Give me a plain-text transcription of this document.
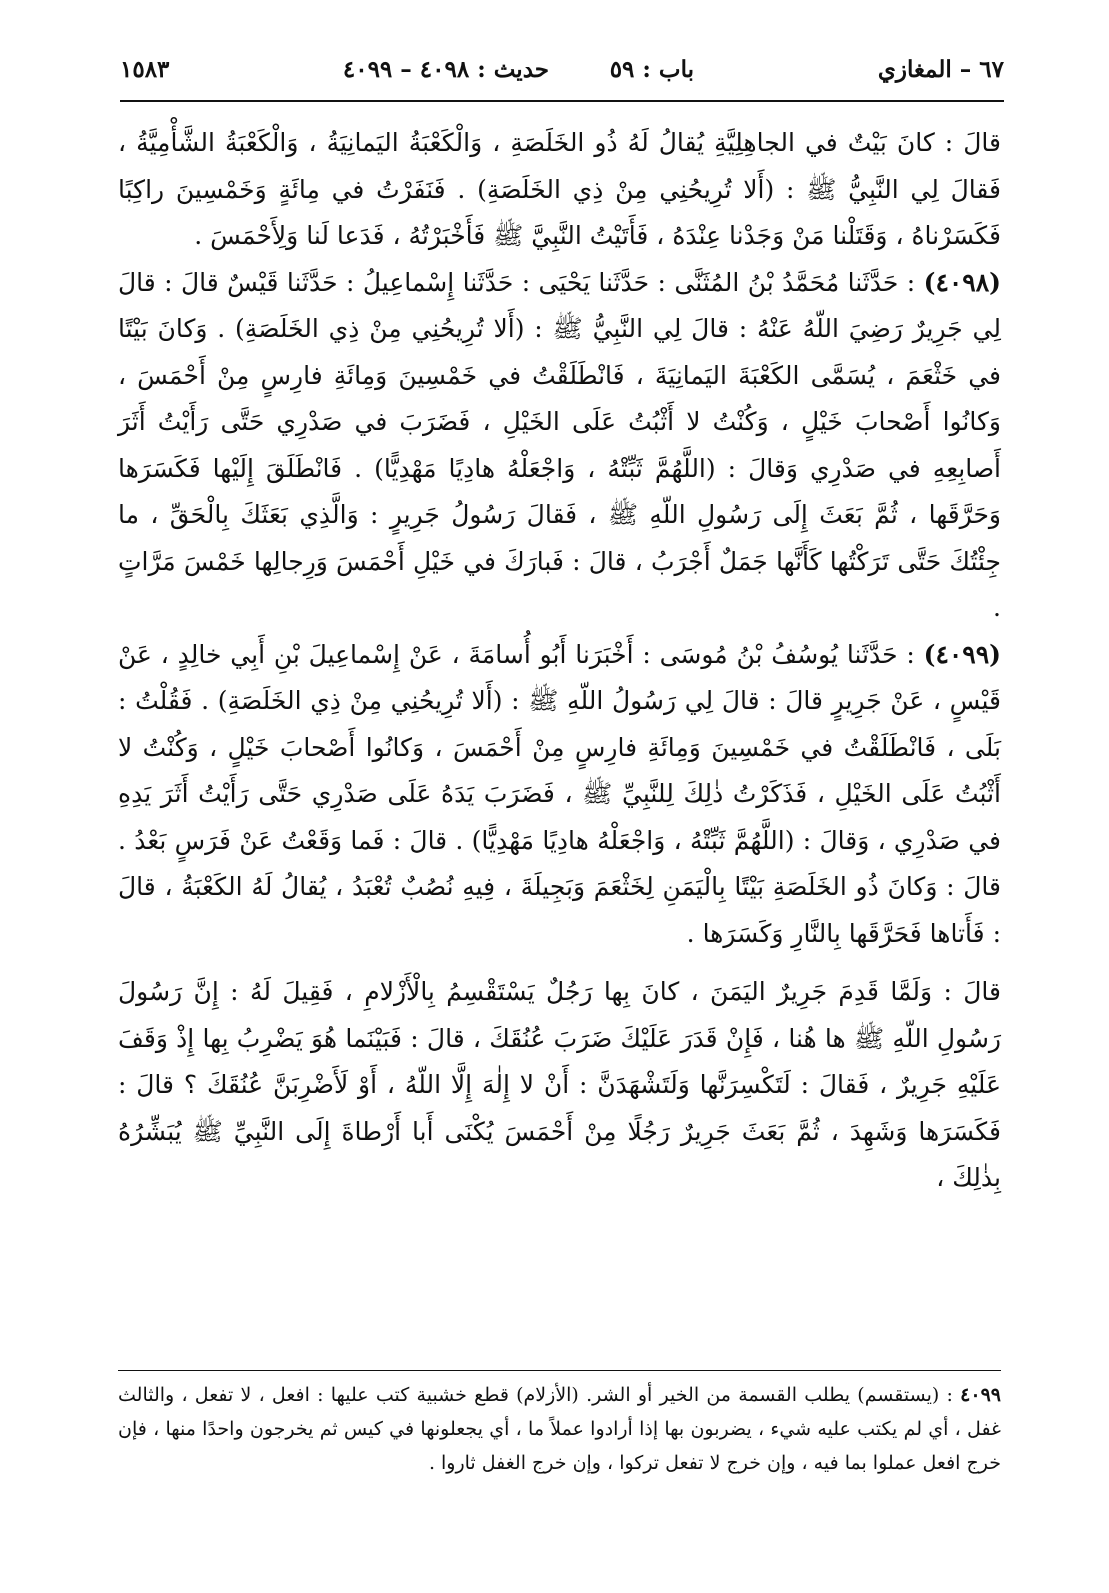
٦٧ – المغازي
باب : ٥٩
حديث : ٤٠٩٨ – ٤٠٩٩
١٥٨٣

قالَ : كانَ بَيْتٌ في الجاهِلِيَّةِ يُقالُ لَهُ ذُو الخَلَصَةِ ، وَالْكَعْبَةُ اليَمانِيَةُ ، وَالْكَعْبَةُ الشَّأْمِيَّةُ ، فَقالَ لِي النَّبِيُّ ﷺ : (أَلا تُرِيحُنِي مِنْ ذِي الخَلَصَةِ) . فَنَفَرْتُ في مِائَةٍ وَخَمْسِينَ راكِبًا فَكَسَرْناهُ ، وَقَتَلْنا مَنْ وَجَدْنا عِنْدَهُ ، فَأَتَيْتُ النَّبِيَّ ﷺ فَأَخْبَرْتُهُ ، فَدَعا لَنا وَلِأَحْمَسَ .

(٤٠٩٨) : حَدَّثَنا مُحَمَّدُ بْنُ المُثَنَّى : حَدَّثَنا يَحْيَى : حَدَّثَنا إِسْماعِيلُ : حَدَّثَنا قَيْسٌ قالَ : قالَ لِي جَرِيرٌ رَضِيَ اللّهُ عَنْهُ : قالَ لِي النَّبِيُّ ﷺ : (أَلا تُرِيحُنِي مِنْ ذِي الخَلَصَةِ) . وَكانَ بَيْتًا في خَثْعَمَ ، يُسَمَّى الكَعْبَةَ اليَمانِيَةَ ، فَانْطَلَقْتُ في خَمْسِينَ وَمِائَةِ فارِسٍ مِنْ أَحْمَسَ ، وَكانُوا أَصْحابَ خَيْلٍ ، وَكُنْتُ لا أَثْبُتُ عَلَى الخَيْلِ ، فَضَرَبَ في صَدْرِي حَتَّى رَأَيْتُ أَثَرَ أَصابِعِهِ في صَدْرِي وَقالَ : (اللَّهُمَّ ثَبِّتْهُ ، وَاجْعَلْهُ هادِيًا مَهْدِيًّا) . فَانْطَلَقَ إِلَيْها فَكَسَرَها وَحَرَّقَها ، ثُمَّ بَعَثَ إِلَى رَسُولِ اللّهِ ﷺ ، فَقالَ رَسُولُ جَرِيرٍ : وَالَّذِي بَعَثَكَ بِالْحَقِّ ، ما جِئْتُكَ حَتَّى تَرَكْتُها كَأَنَّها جَمَلٌ أَجْرَبُ ، قالَ : فَبارَكَ في خَيْلِ أَحْمَسَ وَرِجالِها خَمْسَ مَرَّاتٍ .

(٤٠٩٩) : حَدَّثَنا يُوسُفُ بْنُ مُوسَى : أَخْبَرَنا أَبُو أُسامَةَ ، عَنْ إِسْماعِيلَ بْنِ أَبِي خالِدٍ ، عَنْ قَيْسٍ ، عَنْ جَرِيرٍ قالَ : قالَ لِي رَسُولُ اللّهِ ﷺ : (أَلا تُرِيحُنِي مِنْ ذِي الخَلَصَةِ) . فَقُلْتُ : بَلَى ، فَانْطَلَقْتُ في خَمْسِينَ وَمِائَةِ فارِسٍ مِنْ أَحْمَسَ ، وَكانُوا أَصْحابَ خَيْلٍ ، وَكُنْتُ لا أَثْبُتُ عَلَى الخَيْلِ ، فَذَكَرْتُ ذٰلِكَ لِلنَّبِيِّ ﷺ ، فَضَرَبَ يَدَهُ عَلَى صَدْرِي حَتَّى رَأَيْتُ أَثَرَ يَدِهِ في صَدْرِي ، وَقالَ : (اللَّهُمَّ ثَبِّتْهُ ، وَاجْعَلْهُ هادِيًا مَهْدِيًّا) . قالَ : فَما وَقَعْتُ عَنْ فَرَسٍ بَعْدُ . قالَ : وَكانَ ذُو الخَلَصَةِ بَيْتًا بِالْيَمَنِ لِخَثْعَمَ وَبَجِيلَةَ ، فِيهِ نُصُبٌ تُعْبَدُ ، يُقالُ لَهُ الكَعْبَةُ ، قالَ : فَأَتاها فَحَرَّقَها بِالنَّارِ وَكَسَرَها .

قالَ : وَلَمَّا قَدِمَ جَرِيرٌ اليَمَنَ ، كانَ بِها رَجُلٌ يَسْتَقْسِمُ بِالْأَزْلامِ ، فَقِيلَ لَهُ : إِنَّ رَسُولَ رَسُولِ اللّهِ ﷺ ها هُنا ، فَإِنْ قَدَرَ عَلَيْكَ ضَرَبَ عُنُقَكَ ، قالَ : فَبَيْنَما هُوَ يَضْرِبُ بِها إِذْ وَقَفَ عَلَيْهِ جَرِيرٌ ، فَقالَ : لَتَكْسِرَنَّها وَلَتَشْهَدَنَّ : أَنْ لا إِلٰهَ إِلَّا اللّهُ ، أَوْ لَأَضْرِبَنَّ عُنُقَكَ ؟ قالَ : فَكَسَرَها وَشَهِدَ ، ثُمَّ بَعَثَ جَرِيرٌ رَجُلًا مِنْ أَحْمَسَ يُكْنَى أَبا أَرْطاةَ إِلَى النَّبِيِّ ﷺ يُبَشِّرُهُ بِذٰلِكَ ،

٤٠٩٩ : (يستقسم) يطلب القسمة من الخير أو الشر. (الأزلام) قطع خشبية كتب عليها : افعل ، لا تفعل ، والثالث غفل ، أي لم يكتب عليه شيء ، يضربون بها إذا أرادوا عملاً ما ، أي يجعلونها في كيس ثم يخرجون واحدًا منها ، فإن خرج افعل عملوا بما فيه ، وإن خرج لا تفعل تركوا ، وإن خرج الغفل ثاروا .
